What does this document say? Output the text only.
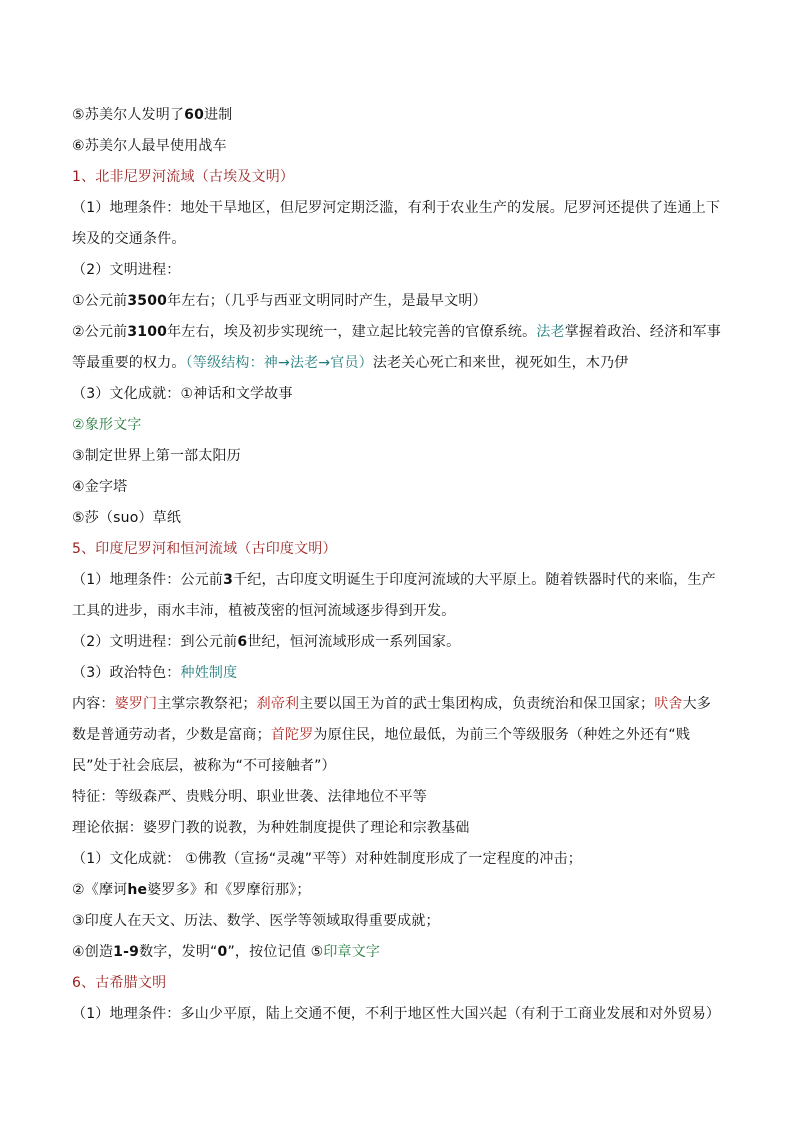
⑤苏美尔人发明了60进制
⑥苏美尔人最早使用战车
1、北非尼罗河流域（古埃及文明）
（1）地理条件：地处干旱地区，但尼罗河定期泛滥，有利于农业生产的发展。尼罗河还提供了连通上下埃及的交通条件。
（2）文明进程：
①公元前3500年左右；（几乎与西亚文明同时产生，是最早文明）
②公元前3100年左右，埃及初步实现统一，建立起比较完善的官僚系统。法老掌握着政治、经济和军事等最重要的权力。（等级结构：神→法老→官员）法老关心死亡和来世，视死如生，木乃伊
（3）文化成就：①神话和文学故事
②象形文字
③制定世界上第一部太阳历
④金字塔
⑤莎（suo）草纸
5、印度尼罗河和恒河流域（古印度文明）
（1）地理条件：公元前3千纪，古印度文明诞生于印度河流域的大平原上。随着铁器时代的来临，生产工具的进步，雨水丰沛，植被茂密的恒河流域逐步得到开发。
（2）文明进程：到公元前6世纪，恒河流域形成一系列国家。
（3）政治特色：种姓制度
内容：婆罗门主掌宗教祭祀；刹帝利主要以国王为首的武士集团构成，负责统治和保卫国家；吠舍大多数是普通劳动者，少数是富商；首陀罗为原住民，地位最低，为前三个等级服务（种姓之外还有“贱民”处于社会底层，被称为“不可接触者”）
特征：等级森严、贵贱分明、职业世袭、法律地位不平等
理论依据：婆罗门教的说教，为种姓制度提供了理论和宗教基础
（1）文化成就： ①佛教（宣扬“灵魂”平等）对种姓制度形成了一定程度的冲击；
②《摩诃he婆罗多》和《罗摩衍那》；
③印度人在天文、历法、数学、医学等领域取得重要成就；
④创造1-9数字，发明“0”，按位记值 ⑤印章文字
6、古希腊文明
（1）地理条件：多山少平原，陆上交通不便，不利于地区性大国兴起（有利于工商业发展和对外贸易）
